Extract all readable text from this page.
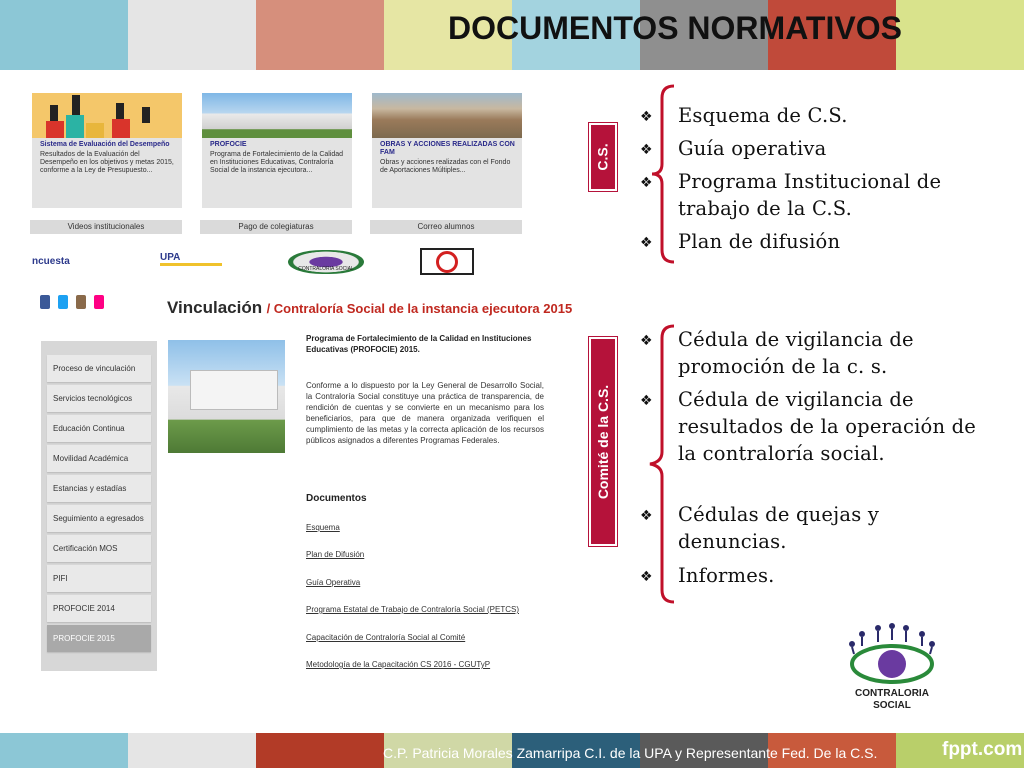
DOCUMENTOS NORMATIVOS
Sistema de Evaluación del Desempeño
Resultados de la Evaluación del Desempeño en los objetivos y metas 2015, conforme a la Ley de Presupuesto...
PROFOCIE
Programa de Fortalecimiento de la Calidad en Instituciones Educativas, Contraloría Social de la instancia ejecutora...
OBRAS Y ACCIONES REALIZADAS CON FAM
Obras y acciones realizadas con el Fondo de Aportaciones Múltiples...
Videos institucionales	Pago de colegiaturas	Correo alumnos
ncuesta	UPA
CONTRALORIA SOCIAL
Vinculación / Contraloría Social de la instancia ejecutora 2015
Proceso de vinculación
Servicios tecnológicos
Educación Continua
Movilidad Académica
Estancias y estadías
Seguimiento a egresados
Certificación MOS
PIFI
PROFOCIE 2014
PROFOCIE 2015
Programa de Fortalecimiento de la Calidad en Instituciones Educativas (PROFOCIE) 2015.
Conforme a lo dispuesto por la Ley General de Desarrollo Social, la Contraloría Social constituye una práctica de transparencia, de rendición de cuentas y se convierte en un mecanismo para los beneficiarios, para que de manera organizada verifiquen el cumplimiento de las metas y la correcta aplicación de los recursos públicos asignados a diferentes Programas Federales.
Documentos
Esquema
Plan de Difusión
Guía Operativa
Programa Estatal de Trabajo de Contraloría Social (PETCS)
Capacitación de Contraloría Social al Comité
Metodología de la Capacitación CS 2016 - CGUTyP
C.S.
Comité de la C.S.
❖ Esquema de C.S.
❖ Guía operativa
❖ Programa Institucional de trabajo de la C.S.
❖ Plan de difusión
❖ Cédula de vigilancia de promoción de la c. s.
❖ Cédula de vigilancia de resultados de la operación de la contraloría social.
❖ Cédulas de quejas y denuncias.
❖ Informes.
CONTRALORIA
SOCIAL
C.P. Patricia Morales Zamarripa C.I. de la UPA y Representante Fed. De la C.S.	fppt.com
